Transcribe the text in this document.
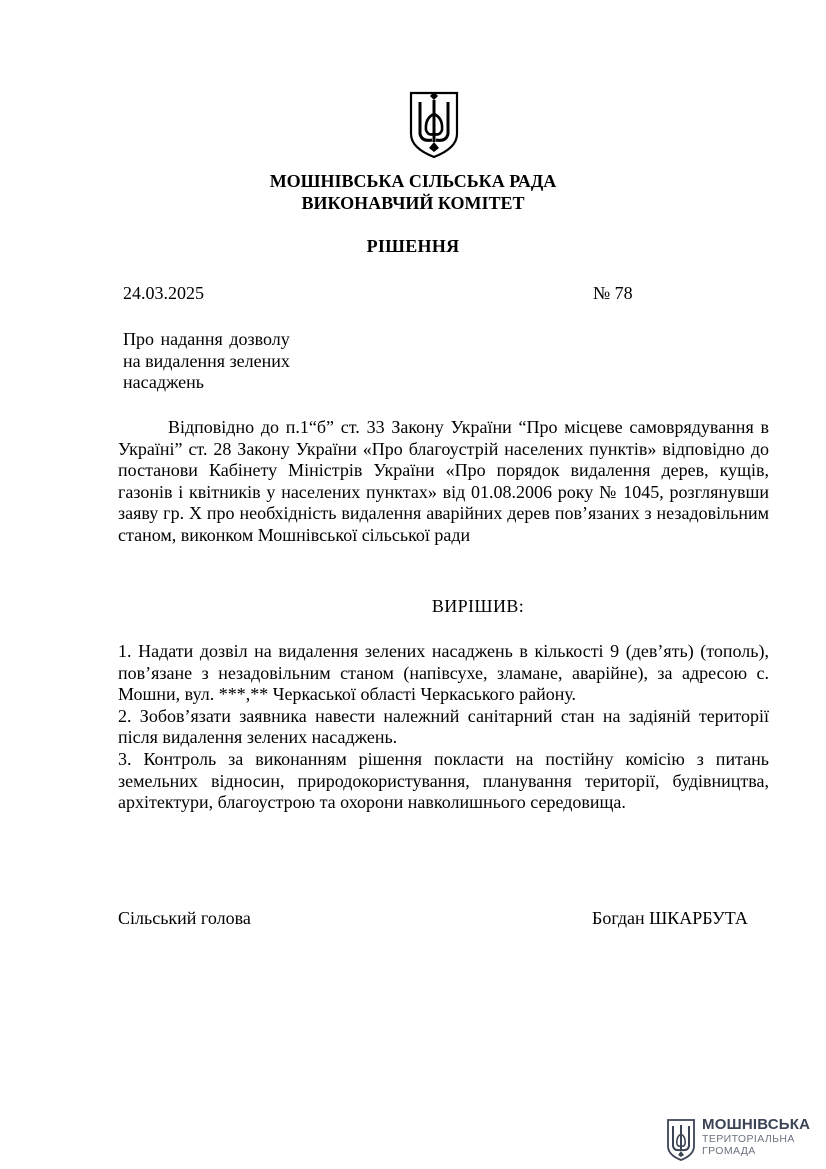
МОШНІВСЬКА СІЛЬСЬКА РАДА
ВИКОНАВЧИЙ КОМІТЕТ
РІШЕННЯ
24.03.2025	№ 78
Про надання дозволу
на видалення зелених
насаджень
Відповідно до п.1“б” ст. 33 Закону України “Про місцеве самоврядування в Україні” ст. 28 Закону України «Про благоустрій населених пунктів» відповідно до постанови Кабінету Міністрів України «Про порядок видалення дерев, кущів, газонів і квітників у населених пунктах» від 01.08.2006 року № 1045, розглянувши заяву гр. Х про необхідність видалення аварійних дерев пов’язаних з незадовільним станом, виконком Мошнівської сільської ради
ВИРІШИВ:
1. Надати дозвіл на видалення зелених насаджень в кількості 9 (дев’ять) (тополь), пов’язане з незадовільним станом (напівсухе, зламане, аварійне), за адресою с. Мошни, вул. ***,** Черкаської області Черкаського району.
2. Зобов’язати заявника навести належний санітарний стан на задіяній території після видалення зелених насаджень.
3. Контроль за виконанням рішення покласти на постійну комісію з питань земельних відносин, природокористування, планування території, будівництва, архітектури, благоустрою та охорони навколишнього середовища.
Сільський голова	Богдан ШКАРБУТА
МОШНІВСЬКА
ТЕРИТОРІАЛЬНА
ГРОМАДА
